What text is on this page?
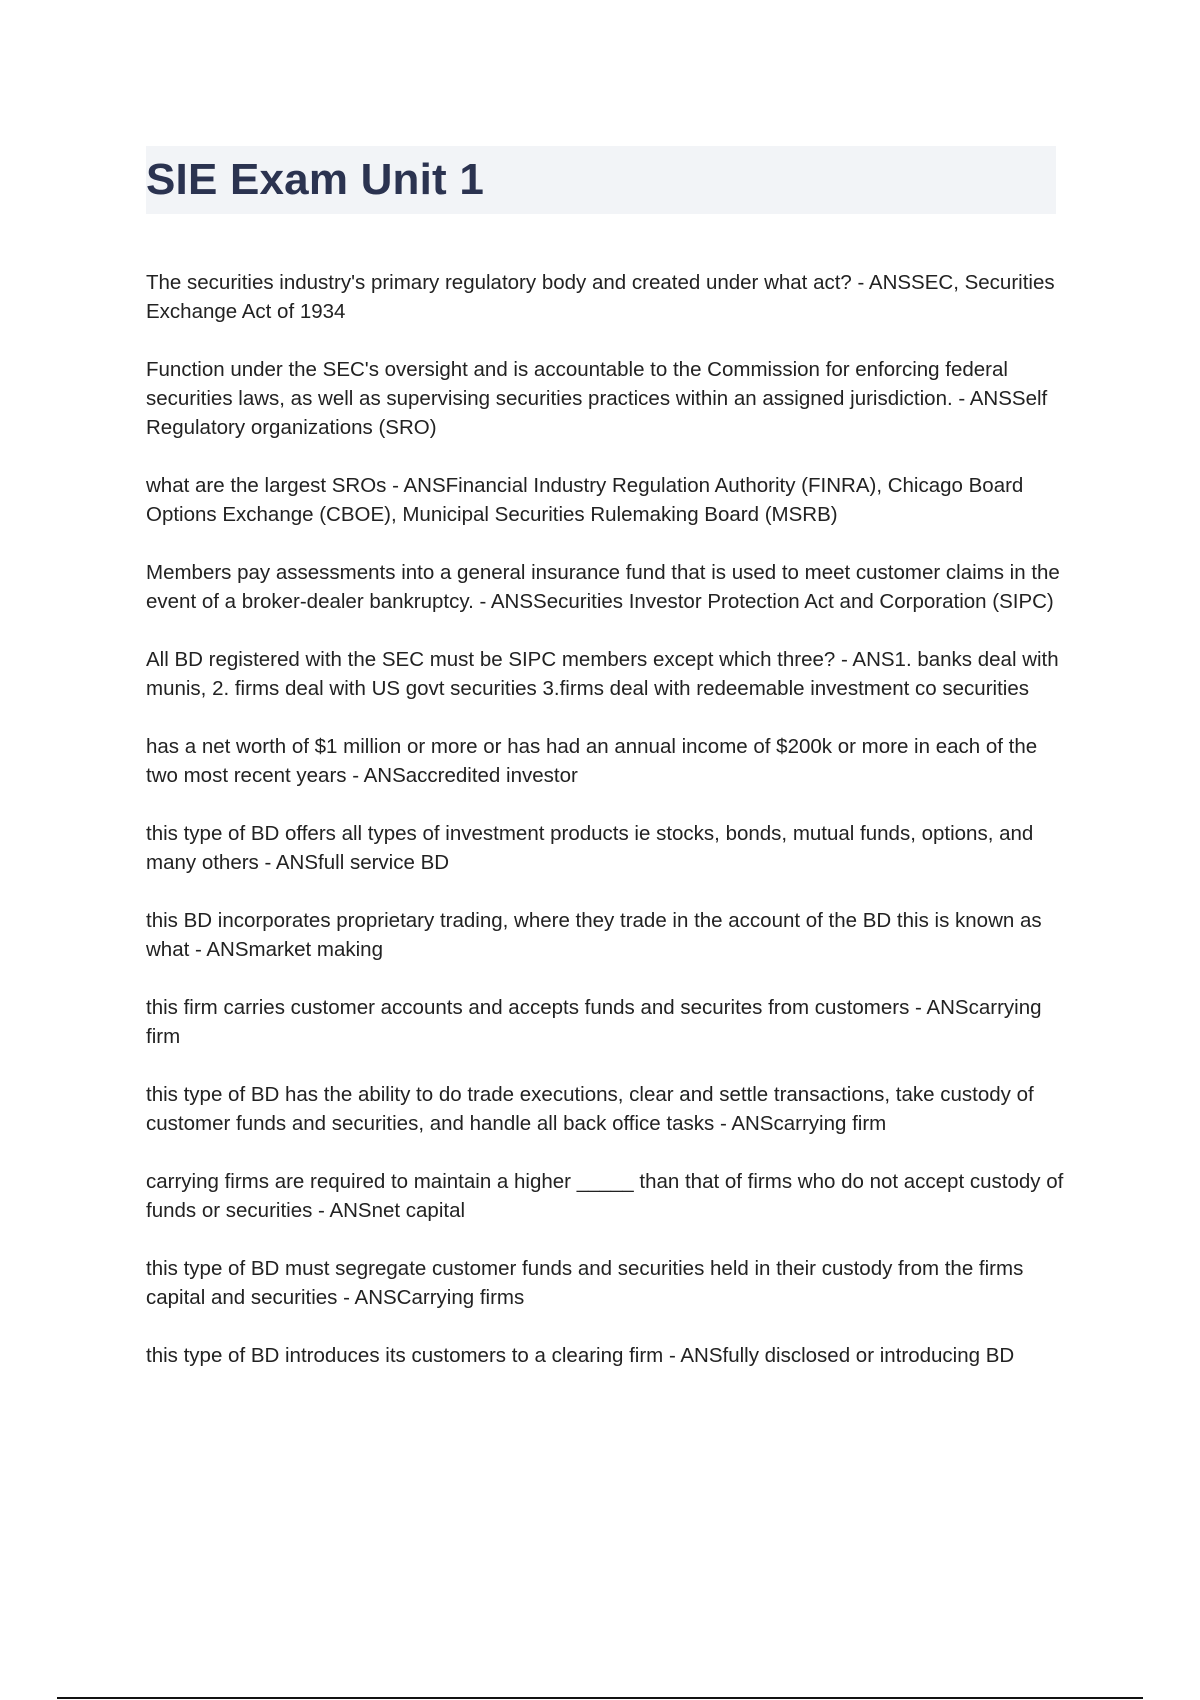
SIE Exam Unit 1

The securities industry's primary regulatory body and created under what act? - ANSSEC, Securities Exchange Act of 1934

Function under the SEC's oversight and is accountable to the Commission for enforcing federal securities laws, as well as supervising securities practices within an assigned jurisdiction. - ANSSelf Regulatory organizations (SRO)

what are the largest SROs - ANSFinancial Industry Regulation Authority (FINRA), Chicago Board Options Exchange (CBOE), Municipal Securities Rulemaking Board (MSRB)

Members pay assessments into a general insurance fund that is used to meet customer claims in the event of a broker-dealer bankruptcy. - ANSSecurities Investor Protection Act and Corporation (SIPC)

All BD registered with the SEC must be SIPC members except which three? - ANS1. banks deal with munis, 2. firms deal with US govt securities 3.firms deal with redeemable investment co securities

has a net worth of $1 million or more or has had an annual income of $200k or more in each of the two most recent years - ANSaccredited investor

this type of BD offers all types of investment products ie stocks, bonds, mutual funds, options, and many others - ANSfull service BD

this BD incorporates proprietary trading, where they trade in the account of the BD this is known as what - ANSmarket making

this firm carries customer accounts and accepts funds and securites from customers - ANScarrying firm

this type of BD has the ability to do trade executions, clear and settle transactions, take custody of customer funds and securities, and handle all back office tasks - ANScarrying firm

carrying firms are required to maintain a higher _____ than that of firms who do not accept custody of funds or securities - ANSnet capital

this type of BD must segregate customer funds and securities held in their custody from the firms capital and securities - ANSCarrying firms

this type of BD introduces its customers to a clearing firm - ANSfully disclosed or introducing BD
